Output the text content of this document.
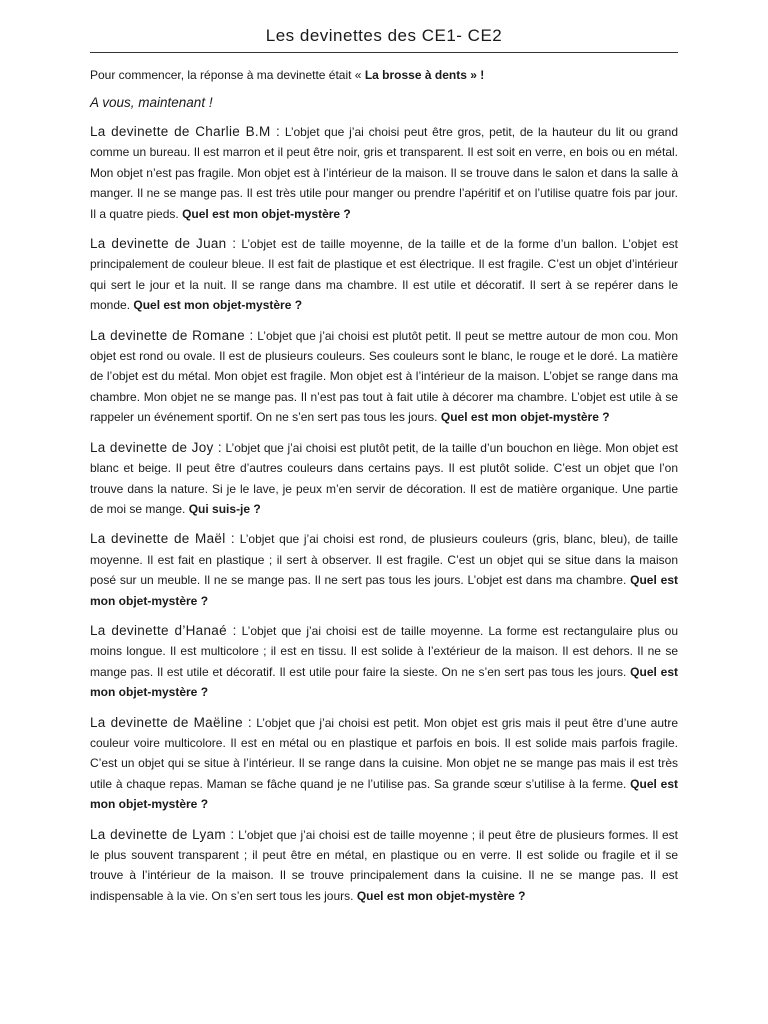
Les devinettes des CE1- CE2

Pour commencer, la réponse à ma devinette était « La brosse à dents » !

A vous, maintenant !

La devinette de Charlie B.M : L’objet que j’ai choisi peut être gros, petit, de la hauteur du lit ou grand comme un bureau. Il est marron et il peut être noir, gris et transparent. Il est soit en verre, en bois ou en métal. Mon objet n’est pas fragile. Mon objet est à l’intérieur de la maison. Il se trouve dans le salon et dans la salle à manger. Il ne se mange pas. Il est très utile pour manger ou prendre l’apéritif et on l’utilise quatre fois par jour. Il a quatre pieds. Quel est mon objet-mystère ?

La devinette de Juan : L’objet est de taille moyenne, de la taille et de la forme d’un ballon. L’objet est principalement de couleur bleue. Il est fait de plastique et est électrique. Il est fragile. C’est un objet d’intérieur qui sert le jour et la nuit. Il se range dans ma chambre. Il est utile et décoratif. Il sert à se repérer dans le monde. Quel est mon objet-mystère ?

La devinette de Romane : L’objet que j’ai choisi est plutôt petit. Il peut se mettre autour de mon cou. Mon objet est rond ou ovale. Il est de plusieurs couleurs. Ses couleurs sont le blanc, le rouge et le doré. La matière de l’objet est du métal. Mon objet est fragile. Mon objet est à l’intérieur de la maison. L’objet se range dans ma chambre. Mon objet ne se mange pas. Il n’est pas tout à fait utile à décorer ma chambre. L’objet est utile à se rappeler un événement sportif. On ne s’en sert pas tous les jours. Quel est mon objet-mystère ?

La devinette de Joy : L’objet que j’ai choisi est plutôt petit, de la taille d’un bouchon en liège. Mon objet est blanc et beige. Il peut être d’autres couleurs dans certains pays. Il est plutôt solide. C’est un objet que l’on trouve dans la nature. Si je le lave, je peux m’en servir de décoration. Il est de matière organique. Une partie de moi se mange. Qui suis-je ?

La devinette de Maël : L’objet que j’ai choisi est rond, de plusieurs couleurs (gris, blanc, bleu), de taille moyenne. Il est fait en plastique ; il sert à observer. Il est fragile. C’est un objet qui se situe dans la maison posé sur un meuble. Il ne se mange pas. Il ne sert pas tous les jours. L’objet est dans ma chambre. Quel est mon objet-mystère ?

La devinette d’Hanaé : L’objet que j’ai choisi est de taille moyenne. La forme est rectangulaire plus ou moins longue. Il est multicolore ; il est en tissu. Il est solide à l’extérieur de la maison. Il est dehors. Il ne se mange pas. Il est utile et décoratif. Il est utile pour faire la sieste. On ne s’en sert pas tous les jours. Quel est mon objet-mystère ?

La devinette de Maëline : L’objet que j’ai choisi est petit. Mon objet est gris mais il peut être d’une autre couleur voire multicolore. Il est en métal ou en plastique et parfois en bois. Il est solide mais parfois fragile. C’est un objet qui se situe à l’intérieur. Il se range dans la cuisine. Mon objet ne se mange pas mais il est très utile à chaque repas. Maman se fâche quand je ne l’utilise pas. Sa grande sœur s’utilise à la ferme. Quel est mon objet-mystère ?

La devinette de Lyam : L’objet que j’ai choisi est de taille moyenne ; il peut être de plusieurs formes. Il est le plus souvent transparent ; il peut être en métal, en plastique ou en verre. Il est solide ou fragile et il se trouve à l’intérieur de la maison. Il se trouve principalement dans la cuisine. Il ne se mange pas. Il est indispensable à la vie. On s’en sert tous les jours. Quel est mon objet-mystère ?
